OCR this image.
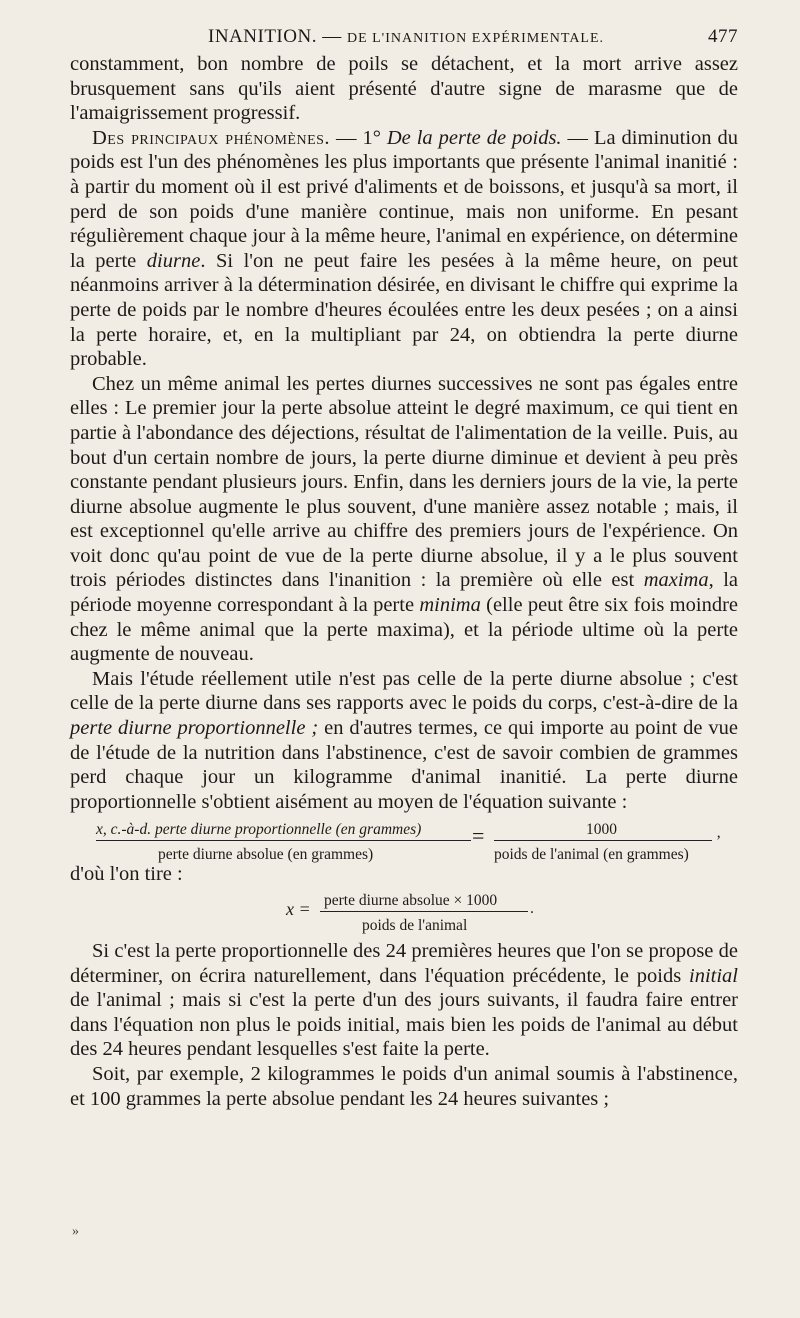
INANITION. — DE L'INANITION EXPÉRIMENTALE.	477

constamment, bon nombre de poils se détachent, et la mort arrive assez brusquement sans qu'ils aient présenté d'autre signe de marasme que de l'amaigrissement progressif.

Des principaux phénomènes. — 1° De la perte de poids. — La diminution du poids est l'un des phénomènes les plus importants que présente l'animal inanitié : à partir du moment où il est privé d'aliments et de boissons, et jusqu'à sa mort, il perd de son poids d'une manière continue, mais non uniforme. En pesant régulièrement chaque jour à la même heure, l'animal en expérience, on détermine la perte diurne. Si l'on ne peut faire les pesées à la même heure, on peut néanmoins arriver à la détermination désirée, en divisant le chiffre qui exprime la perte de poids par le nombre d'heures écoulées entre les deux pesées ; on a ainsi la perte horaire, et, en la multipliant par 24, on obtiendra la perte diurne probable.

Chez un même animal les pertes diurnes successives ne sont pas égales entre elles : Le premier jour la perte absolue atteint le degré maximum, ce qui tient en partie à l'abondance des déjections, résultat de l'alimentation de la veille. Puis, au bout d'un certain nombre de jours, la perte diurne diminue et devient à peu près constante pendant plusieurs jours. Enfin, dans les derniers jours de la vie, la perte diurne absolue augmente le plus souvent, d'une manière assez notable ; mais, il est exceptionnel qu'elle arrive au chiffre des premiers jours de l'expérience. On voit donc qu'au point de vue de la perte diurne absolue, il y a le plus souvent trois périodes distinctes dans l'inanition : la première où elle est maxima, la période moyenne correspondant à la perte minima (elle peut être six fois moindre chez le même animal que la perte maxima), et la période ultime où la perte augmente de nouveau.

Mais l'étude réellement utile n'est pas celle de la perte diurne absolue ; c'est celle de la perte diurne dans ses rapports avec le poids du corps, c'est-à-dire de la perte diurne proportionnelle ; en d'autres termes, ce qui importe au point de vue de l'étude de la nutrition dans l'abstinence, c'est de savoir combien de grammes perd chaque jour un kilogramme d'animal inanitié. La perte diurne proportionnelle s'obtient aisément au moyen de l'équation suivante :

x, c.-à-d. perte diurne proportionnelle (en grammes)
perte diurne absolue (en grammes)
=	1000
poids de l'animal (en grammes)
’

d'où l'on tire :

x = perte diurne absolue × 1000
poids de l'animal
.

Si c'est la perte proportionnelle des 24 premières heures que l'on se propose de déterminer, on écrira naturellement, dans l'équation précédente, le poids initial de l'animal ; mais si c'est la perte d'un des jours suivants, il faudra faire entrer dans l'équation non plus le poids initial, mais bien les poids de l'animal au début des 24 heures pendant lesquelles s'est faite la perte.

Soit, par exemple, 2 kilogrammes le poids d'un animal soumis à l'abstinence, et 100 grammes la perte absolue pendant les 24 heures suivantes ;

»
